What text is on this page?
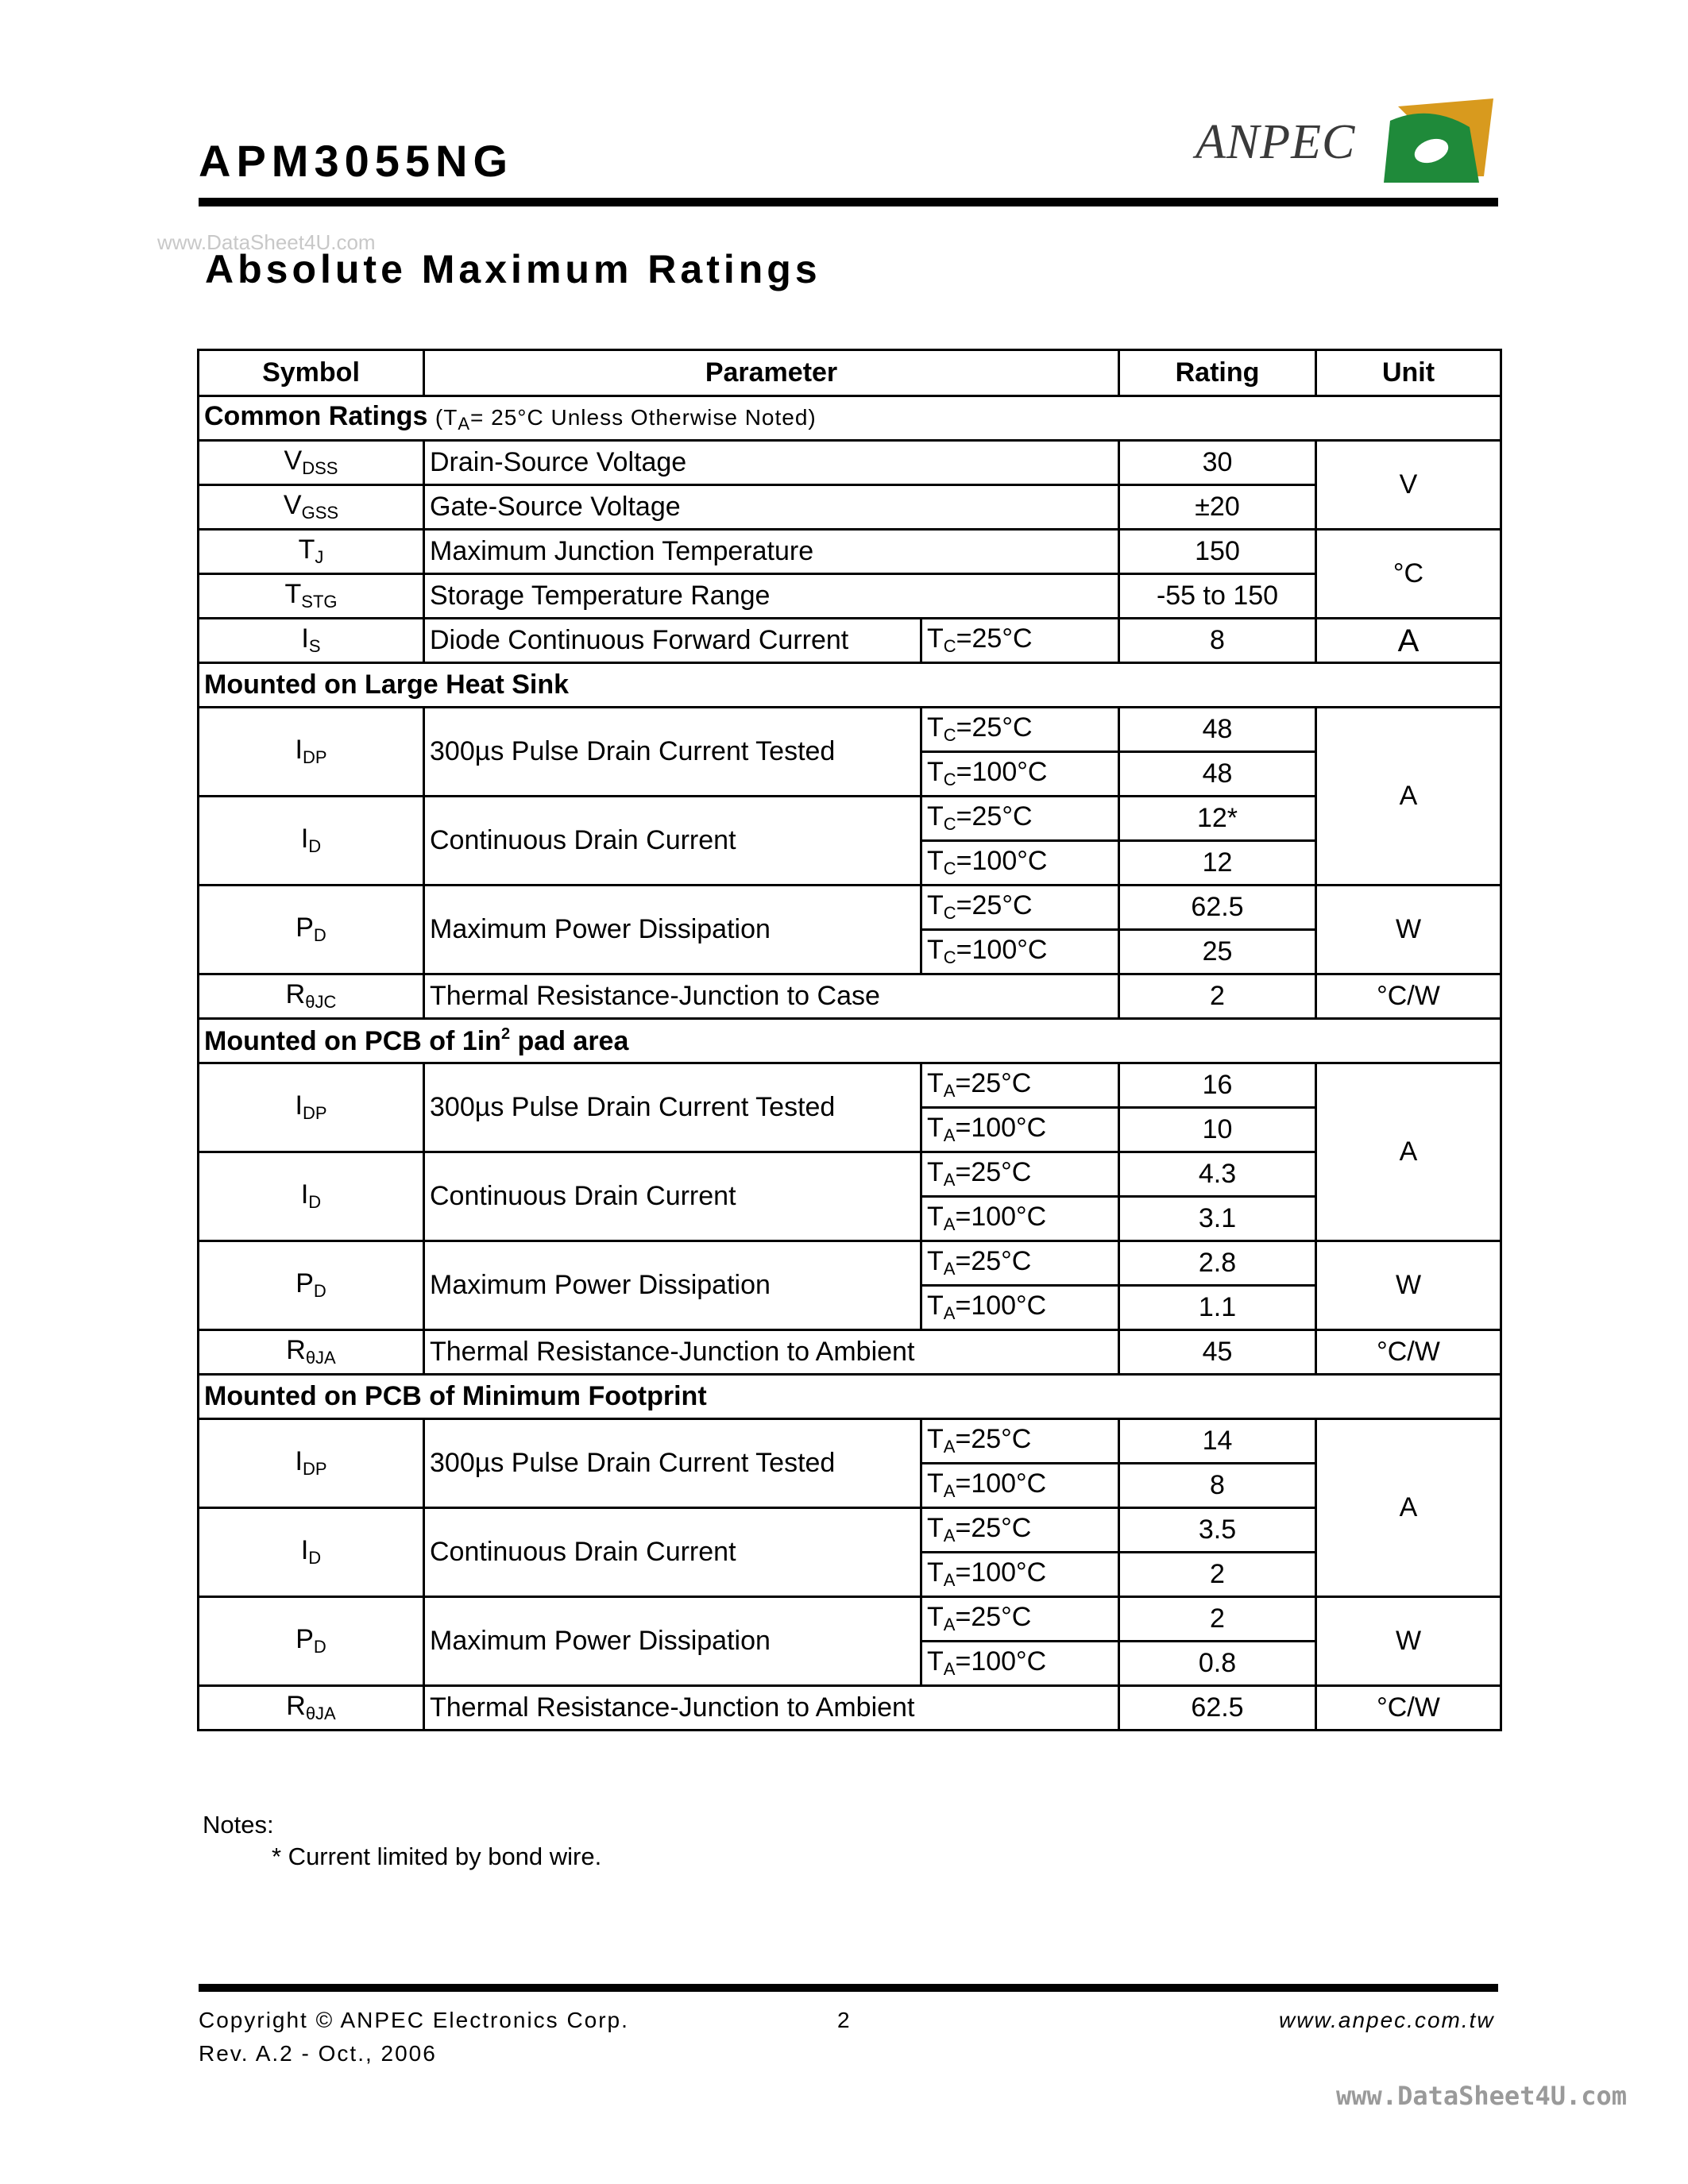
APM3055NG	ANPEC
www.DataSheet4U.com
Absolute Maximum Ratings
Symbol	Parameter		Rating	Unit
Common Ratings ($T_A= 25^\circ C$ Unless Otherwise Noted)				
$V_{DSS}$	Drain-Source Voltage		30	V
$V_{GSS}$	Gate-Source Voltage		±20	
$T_J$	Maximum Junction Temperature		150	°C
$T_{STG}$	Storage Temperature Range		-55 to 150	
$I_S$	Diode Continuous Forward Current	$T_C=25^\circ C$	8	A
Mounted on Large Heat Sink				
$I_{DP}$	300µs Pulse Drain Current Tested	$T_C=25^\circ C$	48	A
		$T_C=100^\circ C$	48	
$I_D$	Continuous Drain Current	$T_C=25^\circ C$	12*	
		$T_C=100^\circ C$	12	
$P_D$	Maximum Power Dissipation	$T_C=25^\circ C$	62.5	W
		$T_C=100^\circ C$	25	
$R_{\theta JC}$	Thermal Resistance-Junction to Case		2	°C/W
Mounted on PCB of $1in^2$ pad area				
$I_{DP}$	300µs Pulse Drain Current Tested	$T_A=25^\circ C$	16	A
		$T_A=100^\circ C$	10	
$I_D$	Continuous Drain Current	$T_A=25^\circ C$	4.3	
		$T_A=100^\circ C$	3.1	
$P_D$	Maximum Power Dissipation	$T_A=25^\circ C$	2.8	W
		$T_A=100^\circ C$	1.1	
$R_{\theta JA}$	Thermal Resistance-Junction to Ambient		45	°C/W
Mounted on PCB of Minimum Footprint				
$I_{DP}$	300µs Pulse Drain Current Tested	$T_A=25^\circ C$	14	A
		$T_A=100^\circ C$	8	
$I_D$	Continuous Drain Current	$T_A=25^\circ C$	3.5	
		$T_A=100^\circ C$	2	
$P_D$	Maximum Power Dissipation	$T_A=25^\circ C$	2	W
		$T_A=100^\circ C$	0.8	
$R_{\theta JA}$	Thermal Resistance-Junction to Ambient		62.5	°C/W
Notes:
* Current limited by bond wire.
Copyright © ANPEC Electronics Corp.	2	www.anpec.com.tw
Rev. A.2 - Oct., 2006
www.DataSheet4U.com
